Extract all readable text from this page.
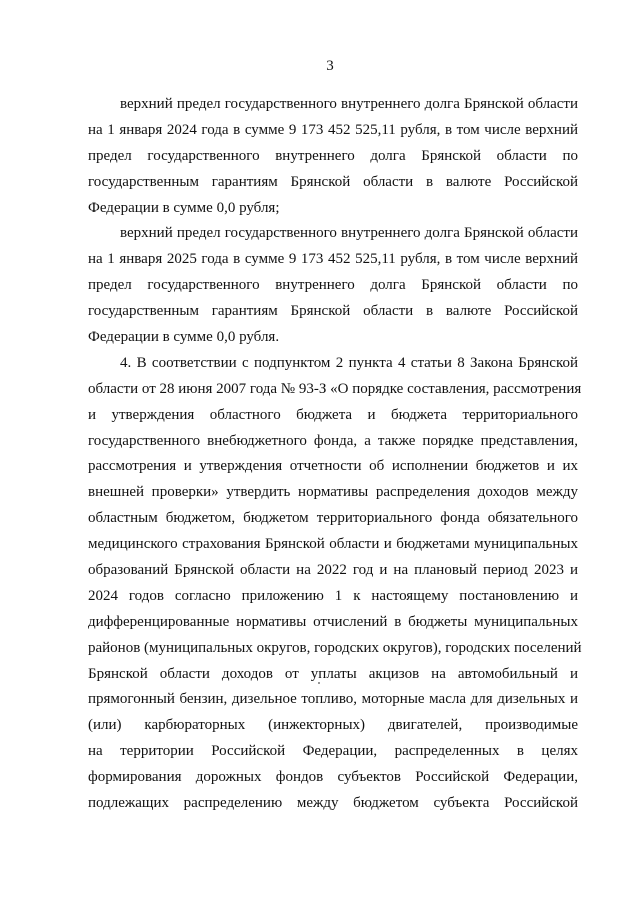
3
верхний предел государственного внутреннего долга Брянской области
на 1 января 2024 года в сумме 9 173 452 525,11 рубля, в том числе верхний
предел государственного внутреннего долга Брянской области по
государственным гарантиям Брянской области в валюте Российской
Федерации в сумме 0,0 рубля;
верхний предел государственного внутреннего долга Брянской области
на 1 января 2025 года в сумме 9 173 452 525,11 рубля, в том числе верхний
предел государственного внутреннего долга Брянской области по
государственным гарантиям Брянской области в валюте Российской
Федерации в сумме 0,0 рубля.
4. В соответствии с подпунктом 2 пункта 4 статьи 8 Закона Брянской
области от 28 июня 2007 года № 93-З «О порядке составления, рассмотрения
и утверждения областного бюджета и бюджета территориального
государственного внебюджетного фонда, а также порядке представления,
рассмотрения и утверждения отчетности об исполнении бюджетов и их
внешней проверки» утвердить нормативы распределения доходов между
областным бюджетом, бюджетом территориального фонда обязательного
медицинского страхования Брянской области и бюджетами муниципальных
образований Брянской области на 2022 год и на плановый период 2023 и
2024 годов согласно приложению 1 к настоящему постановлению и
дифференцированные нормативы отчислений в бюджеты муниципальных
районов (муниципальных округов, городских округов), городских поселений
Брянской области доходов от уплаты акцизов на автомобильный и
прямогонный бензин, дизельное топливо, моторные масла для дизельных и
(или) карбюраторных (инжекторных) двигателей, производимые
на территории Российской Федерации, распределенных в целях
формирования дорожных фондов субъектов Российской Федерации,
подлежащих распределению между бюджетом субъекта Российской
